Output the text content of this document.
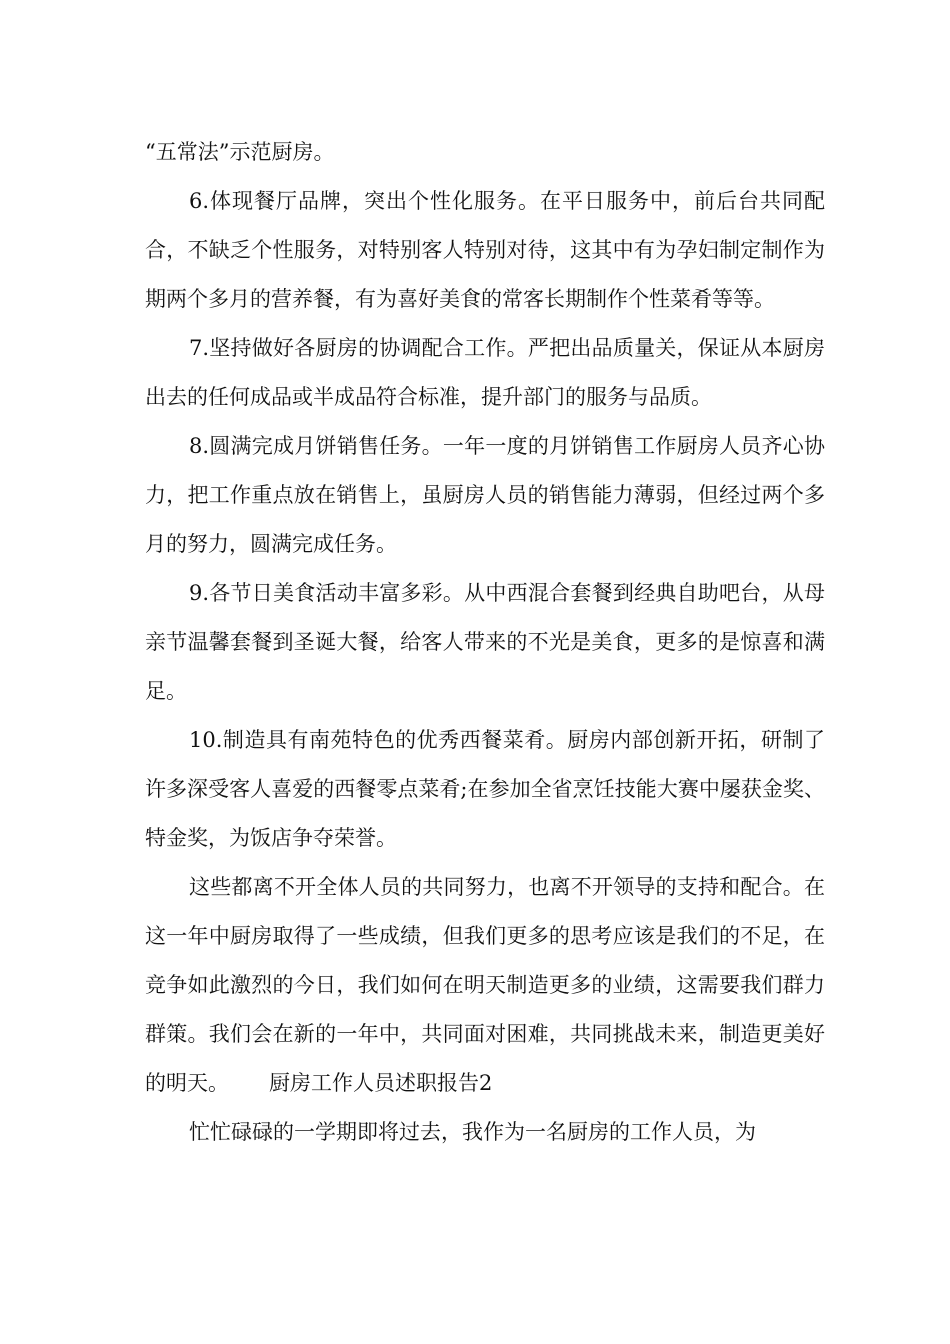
“五常法”示范厨房。

6.体现餐厅品牌，突出个性化服务。在平日服务中，前后台共同配合，不缺乏个性服务，对特别客人特别对待，这其中有为孕妇制定制作为期两个多月的营养餐，有为喜好美食的常客长期制作个性菜肴等等。

7.坚持做好各厨房的协调配合工作。严把出品质量关，保证从本厨房出去的任何成品或半成品符合标准，提升部门的服务与品质。

8.圆满完成月饼销售任务。一年一度的月饼销售工作厨房人员齐心协力，把工作重点放在销售上，虽厨房人员的销售能力薄弱，但经过两个多月的努力，圆满完成任务。

9.各节日美食活动丰富多彩。从中西混合套餐到经典自助吧台，从母亲节温馨套餐到圣诞大餐，给客人带来的不光是美食，更多的是惊喜和满足。

10.制造具有南苑特色的优秀西餐菜肴。厨房内部创新开拓，研制了许多深受客人喜爱的西餐零点菜肴;在参加全省烹饪技能大赛中屡获金奖、特金奖，为饭店争夺荣誉。

这些都离不开全体人员的共同努力，也离不开领导的支持和配合。在这一年中厨房取得了一些成绩，但我们更多的思考应该是我们的不足，在竞争如此激烈的今日，我们如何在明天制造更多的业绩，这需要我们群力群策。我们会在新的一年中，共同面对困难，共同挑战未来，制造更美好的明天。 厨房工作人员述职报告2

忙忙碌碌的一学期即将过去，我作为一名厨房的工作人员，为
